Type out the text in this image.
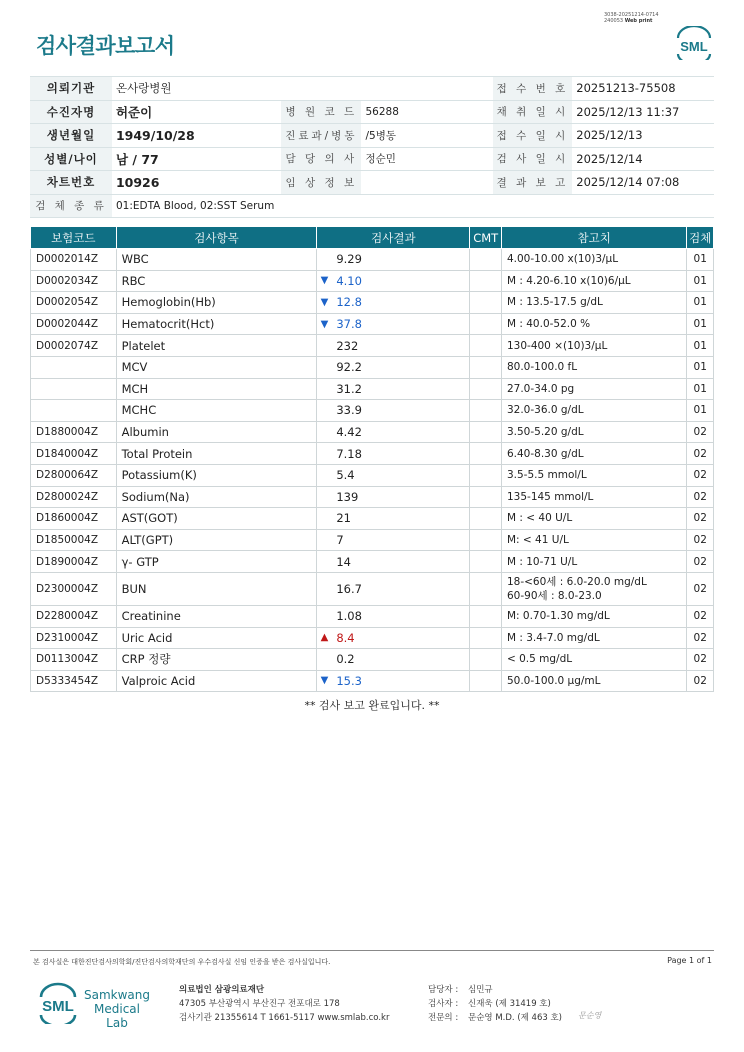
검사결과보고서
3038-20251214-0714
240053 Web print
SML
의뢰기관	온사랑병원			접 수 번 호	20251213-75508
수진자명	허준이	병 원 코 드	56288	채 취 일 시	2025/12/13 11:37
생년월일	1949/10/28	진료과/병동	/5병동	접 수 일 시	2025/12/13
성별/나이	남 / 77	담 당 의 사	정순민	검 사 일 시	2025/12/14
차트번호	10926	임 상 정 보		결 과 보 고	2025/12/14 07:08
검 체 종 류	01:EDTA Blood, 02:SST Serum				
보험코드	검사항목	검사결과		CMT	참고치	검체
D0002014Z	WBC		9.29		4.00-10.00 x(10)3/μL	01
D0002034Z	RBC	▼	4.10		M : 4.20-6.10 x(10)6/μL	01
D0002054Z	Hemoglobin(Hb)	▼	12.8		M : 13.5-17.5 g/dL	01
D0002044Z	Hematocrit(Hct)	▼	37.8		M : 40.0-52.0 %	01
D0002074Z	Platelet		232		130-400 ×(10)3/μL	01
	MCV		92.2		80.0-100.0 fL	01
	MCH		31.2		27.0-34.0 pg	01
	MCHC		33.9		32.0-36.0 g/dL	01
D1880004Z	Albumin		4.42		3.50-5.20 g/dL	02
D1840004Z	Total Protein		7.18		6.40-8.30 g/dL	02
D2800064Z	Potassium(K)		5.4		3.5-5.5 mmol/L	02
D2800024Z	Sodium(Na)		139		135-145 mmol/L	02
D1860004Z	AST(GOT)		21		M : < 40 U/L	02
D1850004Z	ALT(GPT)		7		M: < 41 U/L	02
D1890004Z	γ- GTP		14		M : 10-71 U/L	02
D2300004Z	BUN		16.7		18-<60세 : 6.0-20.0 mg/dL
60-90세 : 8.0-23.0	02
D2280004Z	Creatinine		1.08		M: 0.70-1.30 mg/dL	02
D2310004Z	Uric Acid	▲	8.4		M : 3.4-7.0 mg/dL	02
D0113004Z	CRP 정량		0.2		< 0.5 mg/dL	02
D5333454Z	Valproic Acid	▼	15.3		50.0-100.0 μg/mL	02
** 검사 보고 완료입니다. **
본 검사실은 대한진단검사의학회/진단검사의학재단의 우수검사실 신임 인증을 받은 검사실입니다.	Page 1 of 1
SML
Samkwang
Medical Lab
의료법인 삼광의료재단
47305 부산광역시 부산진구 전포대로 178
검사기관 21355614 T 1661-5117 www.smlab.co.kr
담당자 :	심민규
검사자 :	신재욱 (제 31419 호)
전문의 :	문순영 M.D. (제 463 호) 문순영
